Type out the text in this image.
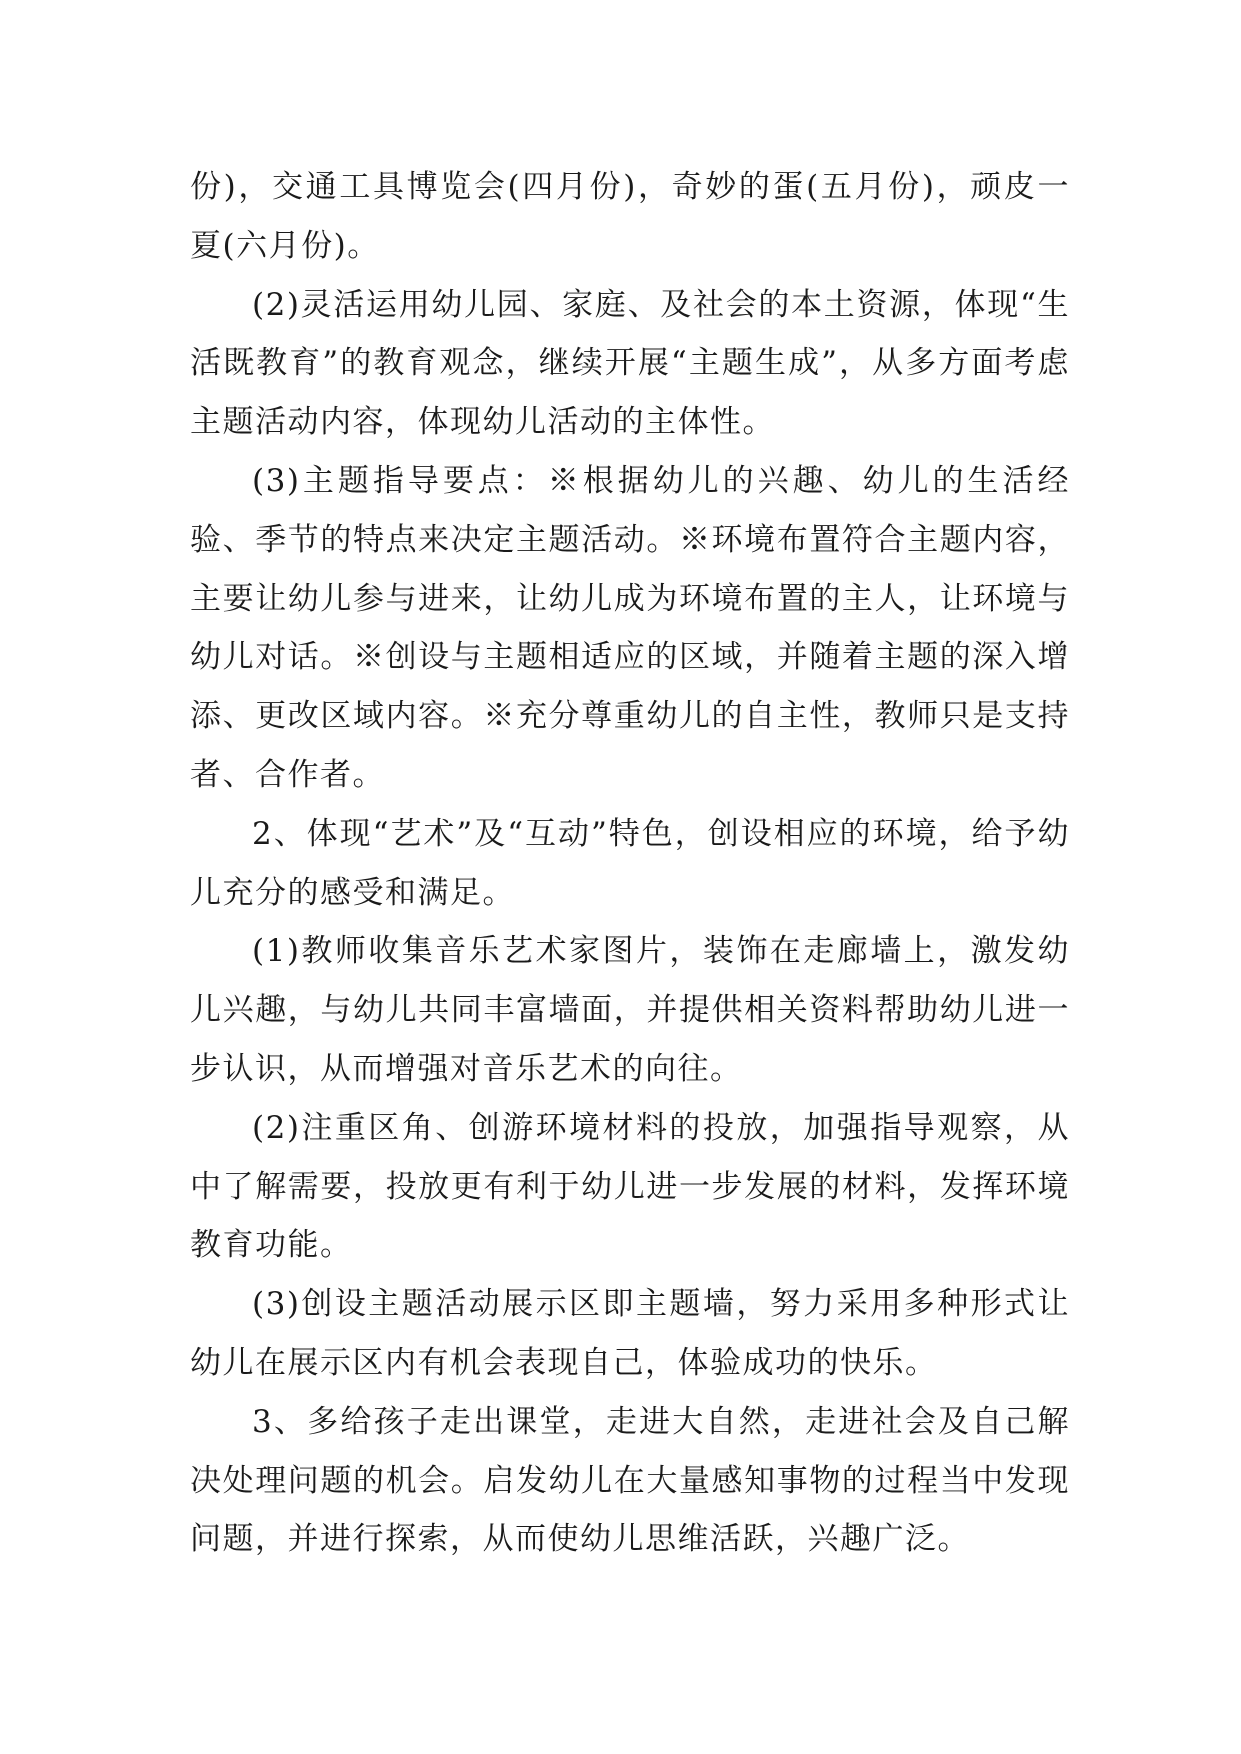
份)，交通工具博览会(四月份)，奇妙的蛋(五月份)，顽皮一夏(六月份)。

(2)灵活运用幼儿园、家庭、及社会的本土资源，体现“生活既教育”的教育观念，继续开展“主题生成”，从多方面考虑主题活动内容，体现幼儿活动的主体性。

(3)主题指导要点：※根据幼儿的兴趣、幼儿的生活经验、季节的特点来决定主题活动。※环境布置符合主题内容，主要让幼儿参与进来，让幼儿成为环境布置的主人，让环境与幼儿对话。※创设与主题相适应的区域，并随着主题的深入增添、更改区域内容。※充分尊重幼儿的自主性，教师只是支持者、合作者。

2、体现“艺术”及“互动”特色，创设相应的环境，给予幼儿充分的感受和满足。

(1)教师收集音乐艺术家图片，装饰在走廊墙上，激发幼儿兴趣，与幼儿共同丰富墙面，并提供相关资料帮助幼儿进一步认识，从而增强对音乐艺术的向往。

(2)注重区角、创游环境材料的投放，加强指导观察，从中了解需要，投放更有利于幼儿进一步发展的材料，发挥环境教育功能。

(3)创设主题活动展示区即主题墙，努力采用多种形式让幼儿在展示区内有机会表现自己，体验成功的快乐。

3、多给孩子走出课堂，走进大自然，走进社会及自己解决处理问题的机会。启发幼儿在大量感知事物的过程当中发现问题，并进行探索，从而使幼儿思维活跃，兴趣广泛。
